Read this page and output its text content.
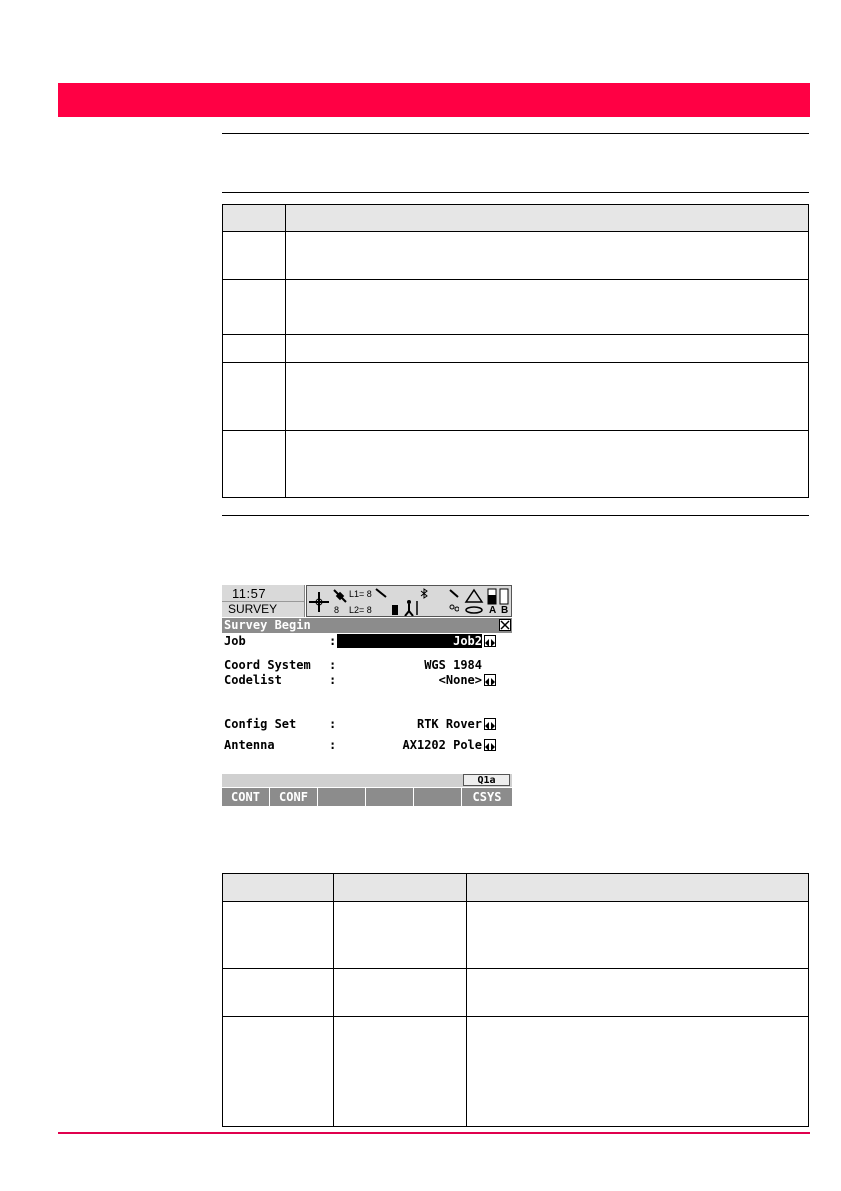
11:57
SURVEY	8
L1= 8
L2= 8	A B
Survey Begin
Job	:	Job2
Coord System :	WGS 1984
Codelist	:	<None>
Config Set	:	RTK Rover
Antenna	:	AX1202 Pole
Q1a
CONT	CONF	CSYS
